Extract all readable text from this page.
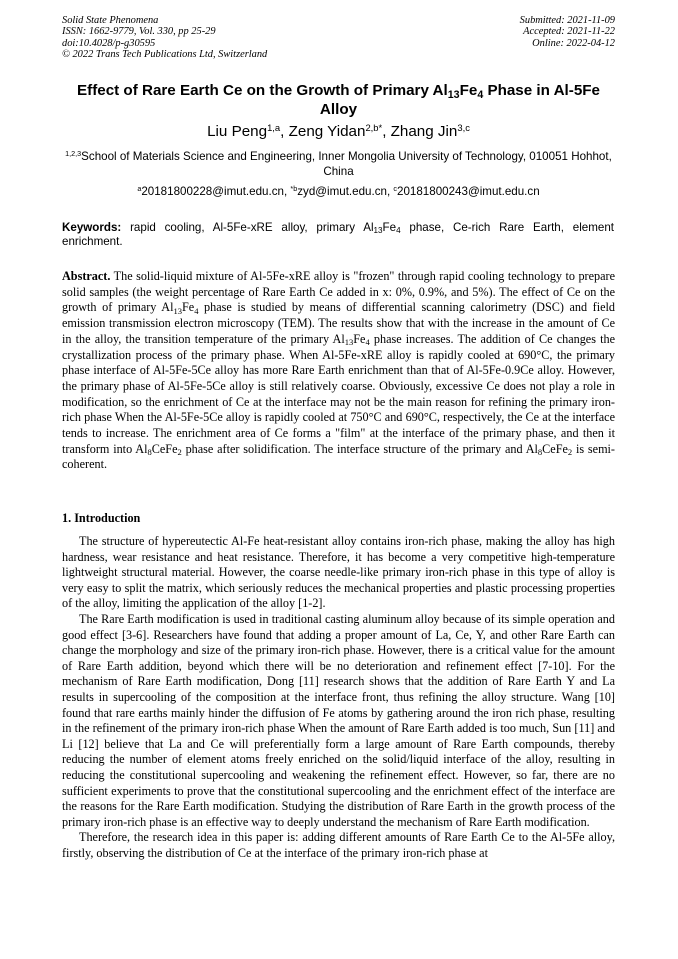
Solid State Phenomena
ISSN: 1662-9779, Vol. 330, pp 25-29
doi:10.4028/p-g30595
© 2022 Trans Tech Publications Ltd, Switzerland
Submitted: 2021-11-09
Accepted: 2021-11-22
Online: 2022-04-12
Effect of Rare Earth Ce on the Growth of Primary $Al_{13}Fe_4$ Phase in Al-5Fe Alloy
Liu Peng$^{1,a}$, Zeng Yidan$^{2,b*}$, Zhang Jin$^{3,c}$
$^{1,2,3}$School of Materials Science and Engineering, Inner Mongolia University of Technology, 010051 Hohhot, China
$^a$20181800228@imut.edu.cn, $^{*b}$zyd@imut.edu.cn, $^c$20181800243@imut.edu.cn
Keywords: rapid cooling, Al-5Fe-xRE alloy, primary $Al_{13}Fe_4$ phase, Ce-rich Rare Earth, element enrichment.
Abstract. The solid-liquid mixture of Al-5Fe-xRE alloy is "frozen" through rapid cooling technology to prepare solid samples (the weight percentage of Rare Earth Ce added in x: 0%, 0.9%, and 5%). The effect of Ce on the growth of primary $Al_{13}Fe_4$ phase is studied by means of differential scanning calorimetry (DSC) and field emission transmission electron microscopy (TEM). The results show that with the increase in the amount of Ce in the alloy, the transition temperature of the primary $Al_{13}Fe_4$ phase increases. The addition of Ce changes the crystallization process of the primary phase. When Al-5Fe-xRE alloy is rapidly cooled at 690°C, the primary phase interface of Al-5Fe-5Ce alloy has more Rare Earth enrichment than that of Al-5Fe-0.9Ce alloy. However, the primary phase of Al-5Fe-5Ce alloy is still relatively coarse. Obviously, excessive Ce does not play a role in modification, so the enrichment of Ce at the interface may not be the main reason for refining the primary iron-rich phase When the Al-5Fe-5Ce alloy is rapidly cooled at 750°C and 690°C, respectively, the Ce at the interface tends to increase. The enrichment area of Ce forms a "film" at the interface of the primary phase, and then it transform into $Al_8CeFe_2$ phase after solidification. The interface structure of the primary and $Al_8CeFe_2$ is semi-coherent.
1. Introduction

The structure of hypereutectic Al-Fe heat-resistant alloy contains iron-rich phase, making the alloy has high hardness, wear resistance and heat resistance. Therefore, it has become a very competitive high-temperature lightweight structural material. However, the coarse needle-like primary iron-rich phase in this type of alloy is very easy to split the matrix, which seriously reduces the mechanical properties and plastic processing properties of the alloy, limiting the application of the alloy [1-2].

The Rare Earth modification is used in traditional casting aluminum alloy because of its simple operation and good effect [3-6]. Researchers have found that adding a proper amount of La, Ce, Y, and other Rare Earth can change the morphology and size of the primary iron-rich phase. However, there is a critical value for the amount of Rare Earth addition, beyond which there will be no deterioration and refinement effect [7-10]. For the mechanism of Rare Earth modification, Dong [11] research shows that the addition of Rare Earth Y and La results in supercooling of the composition at the interface front, thus refining the alloy structure. Wang [10] found that rare earths mainly hinder the diffusion of Fe atoms by gathering around the iron rich phase, resulting in the refinement of the primary iron-rich phase When the amount of Rare Earth added is too much, Sun [11] and Li [12] believe that La and Ce will preferentially form a large amount of Rare Earth compounds, thereby reducing the number of element atoms freely enriched on the solid/liquid interface of the alloy, resulting in reducing the constitutional supercooling and weakening the refinement effect. However, so far, there are no sufficient experiments to prove that the constitutional supercooling and the enrichment effect of the interface are the reasons for the Rare Earth modification. Studying the distribution of Rare Earth in the growth process of the primary iron-rich phase is an effective way to deeply understand the mechanism of Rare Earth modification.

Therefore, the research idea in this paper is: adding different amounts of Rare Earth Ce to the Al-5Fe alloy, firstly, observing the distribution of Ce at the interface of the primary iron-rich phase at
